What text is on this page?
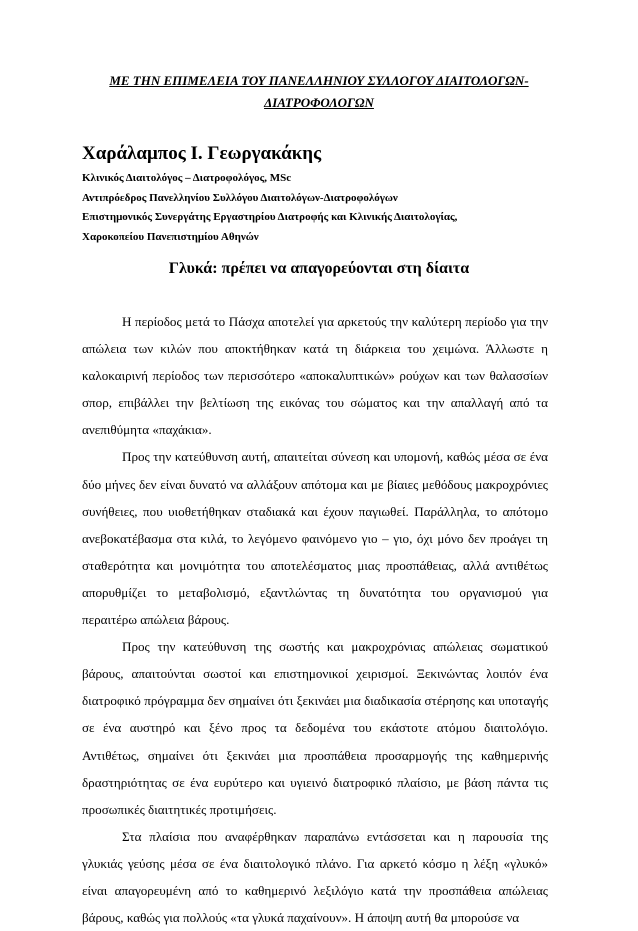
ΜΕ ΤΗΝ ΕΠΙΜΕΛΕΙΑ ΤΟΥ ΠΑΝΕΛΛΗΝΙΟΥ ΣΥΛΛΟΓΟΥ ΔΙΑΙΤΟΛΟΓΩΝ-
ΔΙΑΤΡΟΦΟΛΟΓΩΝ
Χαράλαμπος Ι. Γεωργακάκης
Κλινικός Διαιτολόγος – Διατροφολόγος, MSc
Αντιπρόεδρος Πανελληνίου Συλλόγου Διαιτολόγων-Διατροφολόγων
Επιστημονικός Συνεργάτης Εργαστηρίου Διατροφής και Κλινικής Διαιτολογίας,
Χαροκοπείου Πανεπιστημίου Αθηνών
Γλυκά: πρέπει να απαγορεύονται στη δίαιτα

Η περίοδος μετά το Πάσχα αποτελεί για αρκετούς την καλύτερη περίοδο για την απώλεια των κιλών που αποκτήθηκαν κατά τη διάρκεια του χειμώνα. Άλλωστε η καλοκαιρινή περίοδος των περισσότερο «αποκαλυπτικών» ρούχων και των θαλασσίων σπορ, επιβάλλει την βελτίωση της εικόνας του σώματος και την απαλλαγή από τα ανεπιθύμητα «παχάκια».

Προς την κατεύθυνση αυτή, απαιτείται σύνεση και υπομονή, καθώς μέσα σε ένα δύο μήνες δεν είναι δυνατό να αλλάξουν απότομα και με βίαιες μεθόδους μακροχρόνιες συνήθειες, που υιοθετήθηκαν σταδιακά και έχουν παγιωθεί. Παράλληλα, το απότομο ανεβοκατέβασμα στα κιλά, το λεγόμενο φαινόμενο γιο – γιο, όχι μόνο δεν προάγει τη σταθερότητα και μονιμότητα του αποτελέσματος μιας προσπάθειας, αλλά αντιθέτως απορυθμίζει το μεταβολισμό, εξαντλώντας τη δυνατότητα του οργανισμού για περαιτέρω απώλεια βάρους.

Προς την κατεύθυνση της σωστής και μακροχρόνιας απώλειας σωματικού βάρους, απαιτούνται σωστοί και επιστημονικοί χειρισμοί. Ξεκινώντας λοιπόν ένα διατροφικό πρόγραμμα δεν σημαίνει ότι ξεκινάει μια διαδικασία στέρησης και υποταγής σε ένα αυστηρό και ξένο προς τα δεδομένα του εκάστοτε ατόμου διαιτολόγιο. Αντιθέτως, σημαίνει ότι ξεκινάει μια προσπάθεια προσαρμογής της καθημερινής δραστηριότητας σε ένα ευρύτερο και υγιεινό διατροφικό πλαίσιο, με βάση πάντα τις προσωπικές διαιτητικές προτιμήσεις.

Στα πλαίσια που αναφέρθηκαν παραπάνω εντάσσεται και η παρουσία της γλυκιάς γεύσης μέσα σε ένα διαιτολογικό πλάνο. Για αρκετό κόσμο η λέξη «γλυκό» είναι απαγορευμένη από το καθημερινό λεξιλόγιο κατά την προσπάθεια απώλειας βάρους, καθώς για πολλούς «τα γλυκά παχαίνουν». Η άποψη αυτή θα μπορούσε να
